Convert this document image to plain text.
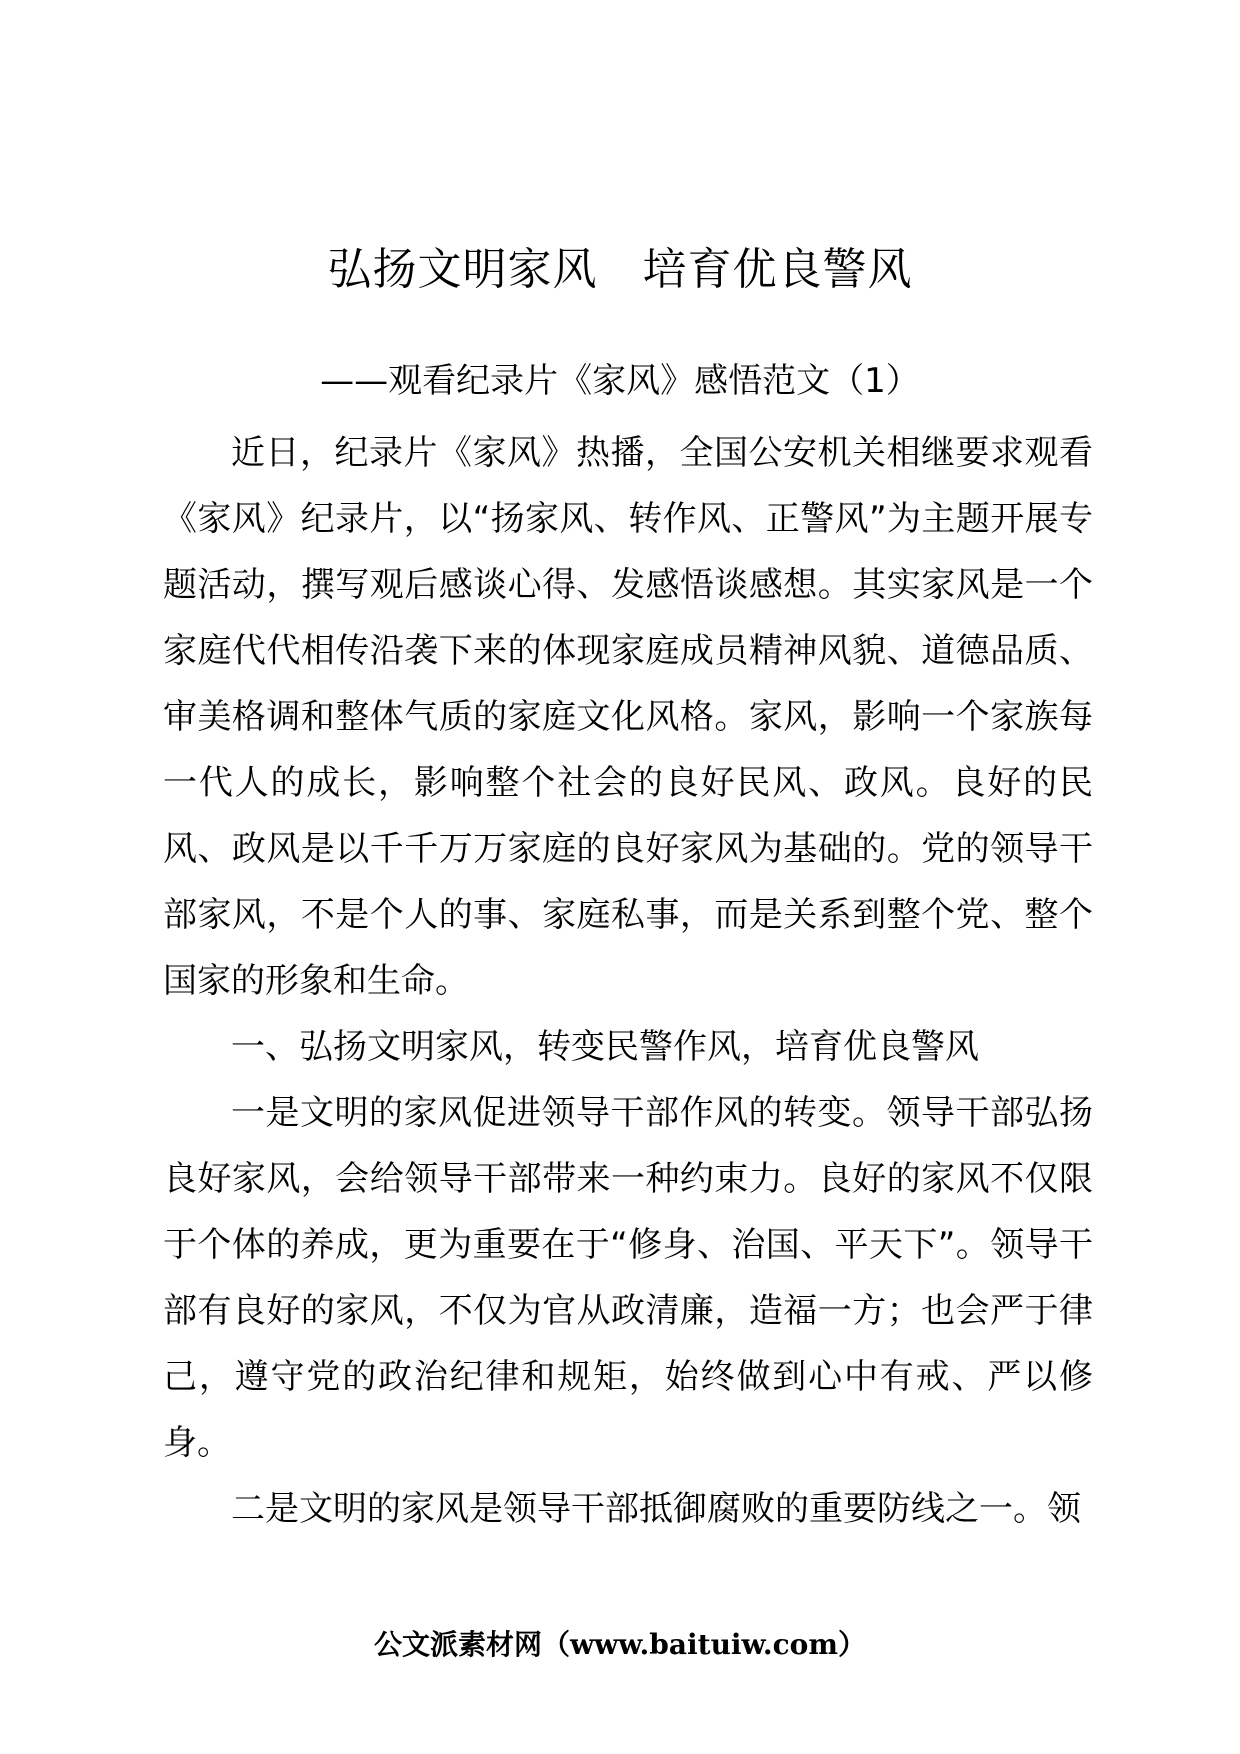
弘扬文明家风　培育优良警风
——观看纪录片《家风》感悟范文（1）

近日，纪录片《家风》热播，全国公安机关相继要求观看《家风》纪录片，以“扬家风、转作风、正警风”为主题开展专题活动，撰写观后感谈心得、发感悟谈感想。其实家风是一个家庭代代相传沿袭下来的体现家庭成员精神风貌、道德品质、审美格调和整体气质的家庭文化风格。家风，影响一个家族每一代人的成长，影响整个社会的良好民风、政风。良好的民风、政风是以千千万万家庭的良好家风为基础的。党的领导干部家风，不是个人的事、家庭私事，而是关系到整个党、整个国家的形象和生命。

一、弘扬文明家风，转变民警作风，培育优良警风

一是文明的家风促进领导干部作风的转变。领导干部弘扬良好家风，会给领导干部带来一种约束力。良好的家风不仅限于个体的养成，更为重要在于“修身、治国、平天下”。领导干部有良好的家风，不仅为官从政清廉，造福一方；也会严于律己，遵守党的政治纪律和规矩，始终做到心中有戒、严以修身。

二是文明的家风是领导干部抵御腐败的重要防线之一。领

公文派素材网（www.baituiw.com）
